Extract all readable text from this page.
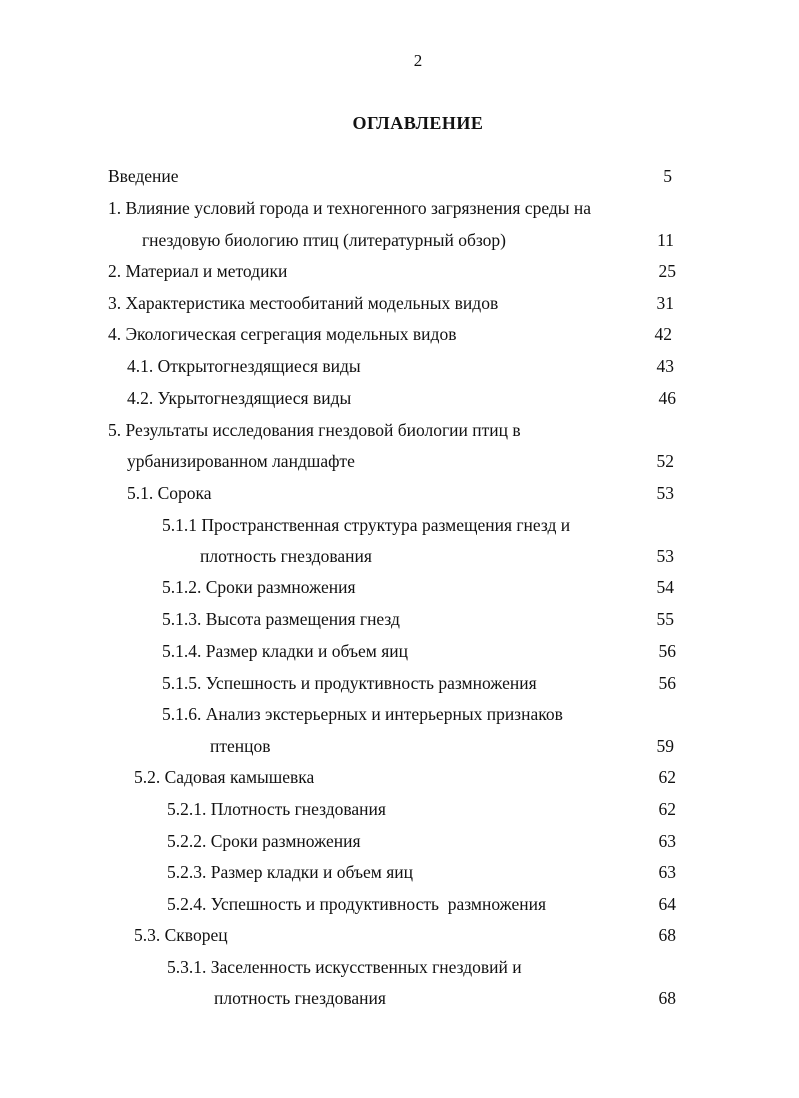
2
ОГЛАВЛЕНИЕ
Введение	5
1. Влияние условий города и техногенного загрязнения среды на
гнездовую биологию птиц (литературный обзор)	11
2. Материал и методики	25
3. Характеристика местообитаний модельных видов	31
4. Экологическая сегрегация модельных видов	42
4.1. Открытогнездящиеся виды	43
4.2. Укрытогнездящиеся виды	46
5. Результаты исследования гнездовой биологии птиц в
урбанизированном ландшафте	52
5.1. Сорока	53
5.1.1 Пространственная структура размещения гнезд и
плотность гнездования	53
5.1.2. Сроки размножения	54
5.1.3. Высота размещения гнезд	55
5.1.4. Размер кладки и объем яиц	56
5.1.5. Успешность и продуктивность размножения	56
5.1.6. Анализ экстерьерных и интерьерных признаков
птенцов	59
5.2. Садовая камышевка	62
5.2.1. Плотность гнездования	62
5.2.2. Сроки размножения	63
5.2.3. Размер кладки и объем яиц	63
5.2.4. Успешность и продуктивность  размножения	64
5.3. Скворец	68
5.3.1. Заселенность искусственных гнездовий и
плотность гнездования	68
